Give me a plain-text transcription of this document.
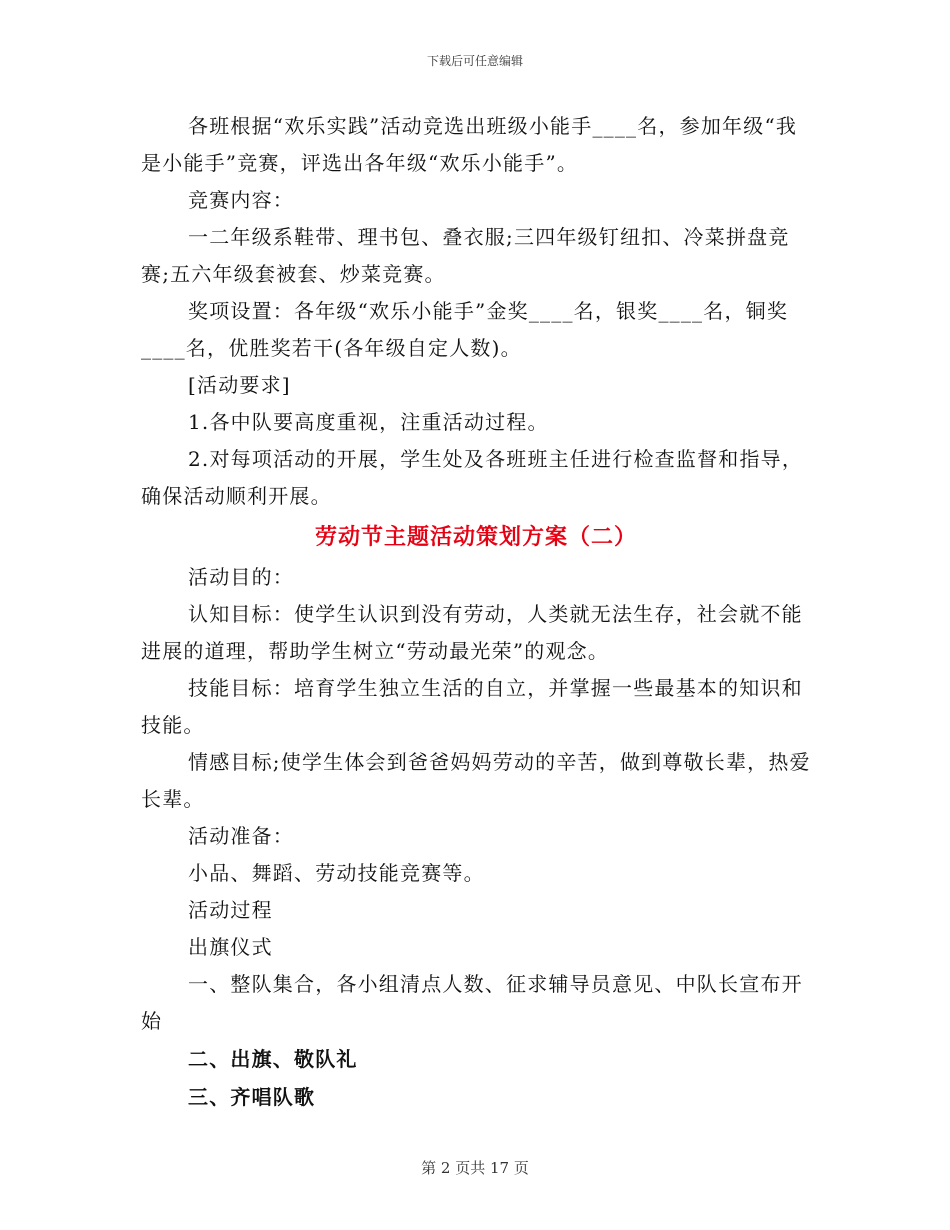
下载后可任意编辑

各班根据“欢乐实践”活动竞选出班级小能手____名，参加年级“我是小能手”竞赛，评选出各年级“欢乐小能手”。

竞赛内容：

一二年级系鞋带、理书包、叠衣服;三四年级钉纽扣、冷菜拼盘竞赛;五六年级套被套、炒菜竞赛。

奖项设置：各年级“欢乐小能手”金奖____名，银奖____名，铜奖____名，优胜奖若干(各年级自定人数)。

[活动要求]

1.各中队要高度重视，注重活动过程。

2.对每项活动的开展，学生处及各班班主任进行检查监督和指导，确保活动顺利开展。

劳动节主题活动策划方案（二）

活动目的：

认知目标：使学生认识到没有劳动，人类就无法生存，社会就不能进展的道理，帮助学生树立“劳动最光荣”的观念。

技能目标：培育学生独立生活的自立，并掌握一些最基本的知识和技能。

情感目标;使学生体会到爸爸妈妈劳动的辛苦，做到尊敬长辈，热爱长辈。

活动准备：

小品、舞蹈、劳动技能竞赛等。

活动过程

出旗仪式

一、整队集合，各小组清点人数、征求辅导员意见、中队长宣布开始

二、出旗、敬队礼

三、齐唱队歌

第 2 页共 17 页
